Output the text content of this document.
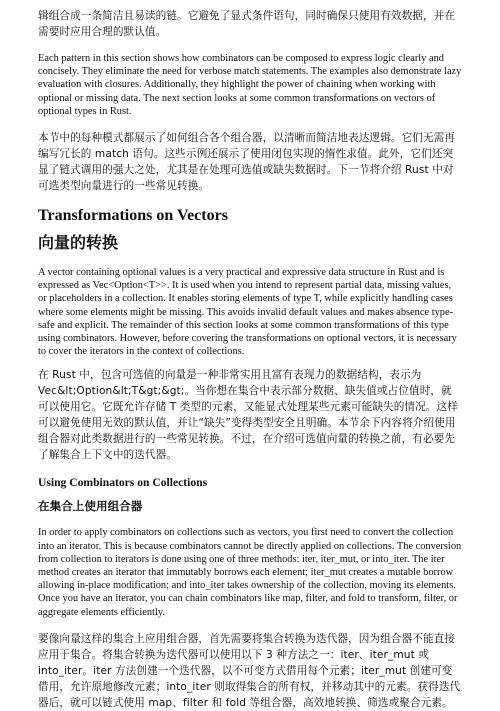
辑组合成一条简洁且易读的链。它避免了显式条件语句，同时确保只使用有效数据，并在需要时应用合理的默认值。

Each pattern in this section shows how combinators can be composed to express logic clearly and concisely. They eliminate the need for verbose match statements. The examples also demonstrate lazy evaluation with closures. Additionally, they highlight the power of chaining when working with optional or missing data. The next section looks at some common transformations on vectors of optional types in Rust.

本节中的每种模式都展示了如何组合各个组合器，以清晰而简洁地表达逻辑。它们无需再编写冗长的 match 语句。这些示例还展示了使用闭包实现的惰性求值。此外，它们还突显了链式调用的强大之处，尤其是在处理可选值或缺失数据时。下一节将介绍 Rust 中对可选类型向量进行的一些常见转换。

Transformations on Vectors
向量的转换

A vector containing optional values is a very practical and expressive data structure in Rust and is expressed as Vec<Option<T>>. It is used when you intend to represent partial data, missing values, or placeholders in a collection. It enables storing elements of type T, while explicitly handling cases where some elements might be missing. This avoids invalid default values and makes absence type-safe and explicit. The remainder of this section looks at some common transformations of this type using combinators. However, before covering the transformations on optional vectors, it is necessary to cover the iterators in the context of collections.

在 Rust 中，包含可选值的向量是一种非常实用且富有表现力的数据结构，表示为 Vec&lt;Option&lt;T&gt;&gt;。当你想在集合中表示部分数据、缺失值或占位值时，就可以使用它。它既允许存储 T 类型的元素，又能显式处理某些元素可能缺失的情况。这样可以避免使用无效的默认值，并让“缺失”变得类型安全且明确。本节余下内容将介绍使用组合器对此类数据进行的一些常见转换。不过，在介绍可选值向量的转换之前，有必要先了解集合上下文中的迭代器。

Using Combinators on Collections
在集合上使用组合器

In order to apply combinators on collections such as vectors, you first need to convert the collection into an iterator. This is because combinators cannot be directly applied on collections. The conversion from collection to iterators is done using one of three methods: iter, iter_mut, or into_iter. The iter method creates an iterator that immutably borrows each element; iter_mut creates a mutable borrow allowing in-place modification; and into_iter takes ownership of the collection, moving its elements. Once you have an iterator, you can chain combinators like map, filter, and fold to transform, filter, or aggregate elements efficiently.

要像向量这样的集合上应用组合器，首先需要将集合转换为迭代器，因为组合器不能直接应用于集合。将集合转换为迭代器可以使用以下 3 种方法之一：iter、iter_mut 或 into_iter。iter 方法创建一个迭代器，以不可变方式借用每个元素；iter_mut 创建可变借用，允许原地修改元素；into_iter 则取得集合的所有权，并移动其中的元素。获得迭代器后，就可以链式使用 map、filter 和 fold 等组合器，高效地转换、筛选或聚合元素。
